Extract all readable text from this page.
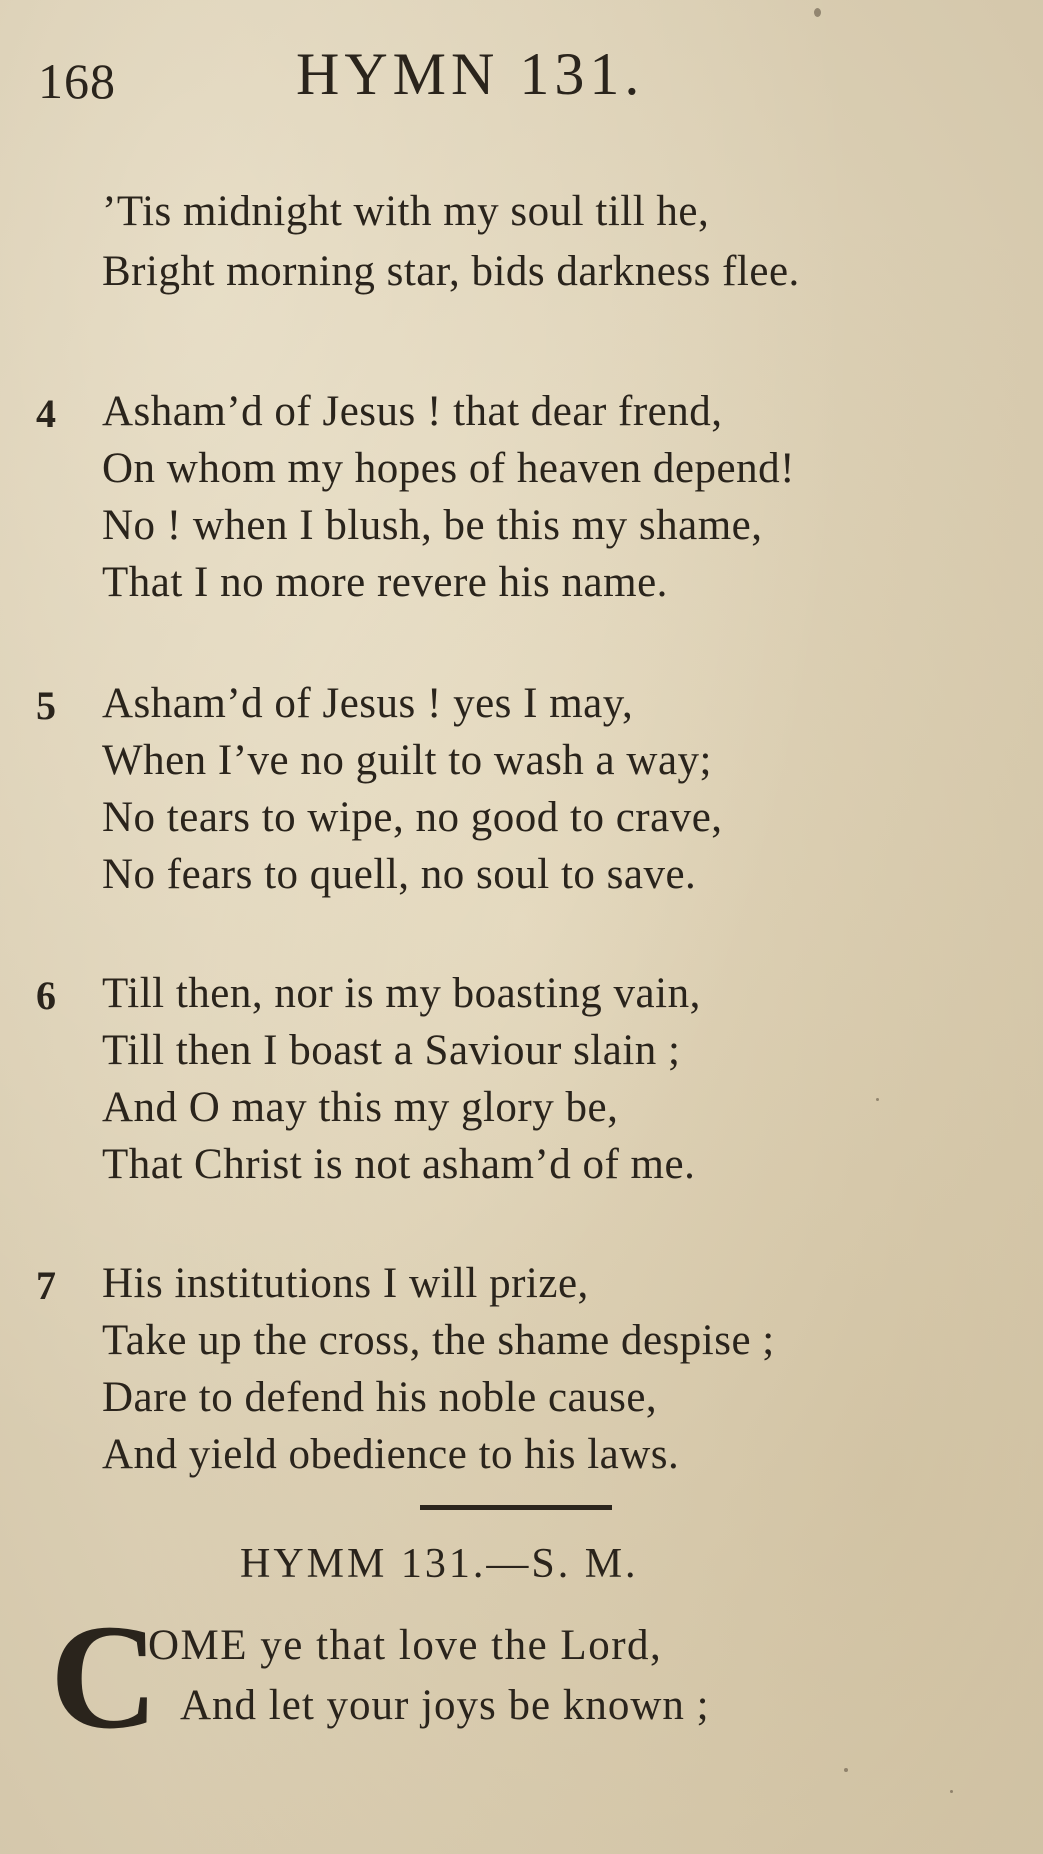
168	HYMN 131.
’Tis midnight with my soul till he,
Bright morning star, bids darkness flee.
4 Asham’d of Jesus ! that dear frend,
On whom my hopes of heaven depend!
No ! when I blush, be this my shame,
That I no more revere his name.
5 Asham’d of Jesus ! yes I may,
When I’ve no guilt to wash a way;
No tears to wipe, no good to crave,
No fears to quell, no soul to save.
6 Till then, nor is my boasting vain,
Till then I boast a Saviour slain ;
And O may this my glory be,
That Christ is not asham’d of me.
7 His institutions I will prize,
Take up the cross, the shame despise ;
Dare to defend his noble cause,
And yield obedience to his laws.
HYMM 131.—S. M.
C
OME ye that love the Lord,
And let your joys be known ;
